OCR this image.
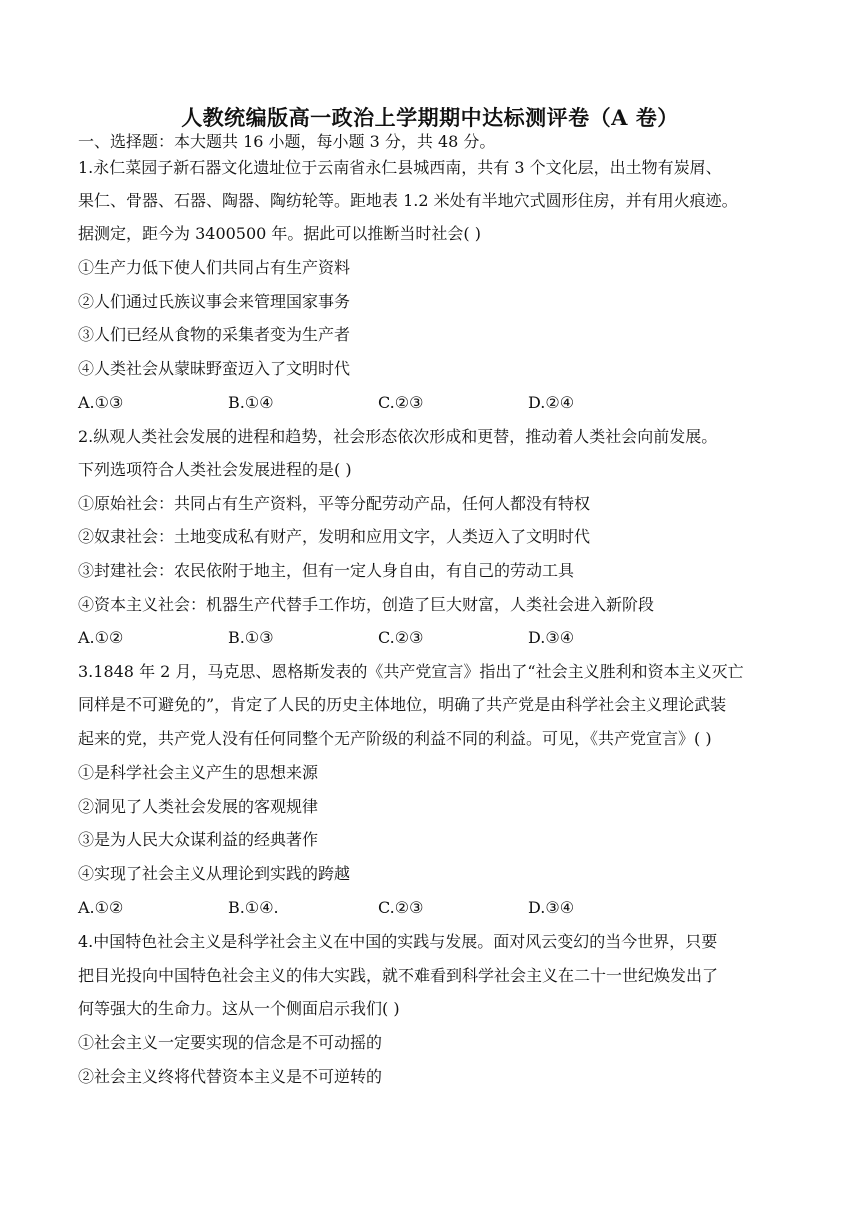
人教统编版高一政治上学期期中达标测评卷（A 卷）
一、选择题：本大题共 16 小题，每小题 3 分，共 48 分。
1.永仁菜园子新石器文化遗址位于云南省永仁县城西南，共有 3 个文化层，出土物有炭屑、
果仁、骨器、石器、陶器、陶纺轮等。距地表 1.2 米处有半地穴式圆形住房，并有用火痕迹。
据测定，距今为 3400500 年。据此可以推断当时社会( )
①生产力低下使人们共同占有生产资料
②人们通过氏族议事会来管理国家事务
③人们已经从食物的采集者变为生产者
④人类社会从蒙昧野蛮迈入了文明时代
A.①③	B.①④	C.②③	D.②④
2.纵观人类社会发展的进程和趋势，社会形态依次形成和更替，推动着人类社会向前发展。
下列选项符合人类社会发展进程的是( )
①原始社会：共同占有生产资料，平等分配劳动产品，任何人都没有特权
②奴隶社会：土地变成私有财产，发明和应用文字，人类迈入了文明时代
③封建社会：农民依附于地主，但有一定人身自由，有自己的劳动工具
④资本主义社会：机器生产代替手工作坊，创造了巨大财富，人类社会进入新阶段
A.①②	B.①③	C.②③	D.③④
3.1848 年 2 月，马克思、恩格斯发表的《共产党宣言》指出了“社会主义胜利和资本主义灭亡
同样是不可避免的”，肯定了人民的历史主体地位，明确了共产党是由科学社会主义理论武装
起来的党，共产党人没有任何同整个无产阶级的利益不同的利益。可见，《共产党宣言》( )
①是科学社会主义产生的思想来源
②洞见了人类社会发展的客观规律
③是为人民大众谋利益的经典著作
④实现了社会主义从理论到实践的跨越
A.①②	B.①④.	C.②③	D.③④
4.中国特色社会主义是科学社会主义在中国的实践与发展。面对风云变幻的当今世界，只要
把目光投向中国特色社会主义的伟大实践，就不难看到科学社会主义在二十一世纪焕发出了
何等强大的生命力。这从一个侧面启示我们( )
①社会主义一定要实现的信念是不可动摇的
②社会主义终将代替资本主义是不可逆转的
